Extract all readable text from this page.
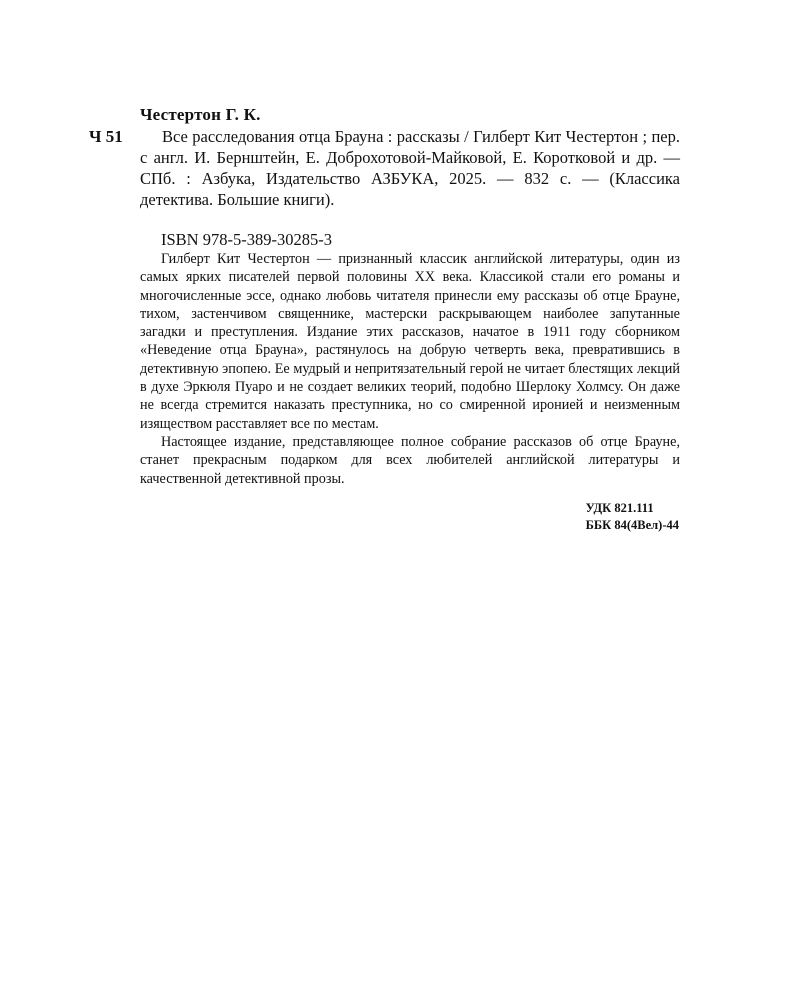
Честертон Г. К.
Ч 51	Все расследования отца Брауна : рассказы / Гилберт Кит Честертон ; пер. с англ. И. Бернштейн, Е. Доброхотовой-Майковой, Е. Коротковой и др. — СПб. : Азбука, Издательство АЗБУКА, 2025. — 832 с. — (Классика детектива. Большие книги).
ISBN 978-5-389-30285-3

Гилберт Кит Честертон — признанный классик английской литературы, один из самых ярких писателей первой половины XX века. Классикой стали его романы и многочисленные эссе, однако любовь читателя принесли ему рассказы об отце Брауне, тихом, застенчивом священнике, мастерски раскрывающем наиболее запутанные загадки и преступления. Издание этих рассказов, начатое в 1911 году сборником «Неведение отца Брауна», растянулось на добрую четверть века, превратившись в детективную эпопею. Ее мудрый и непритязательный герой не читает блестящих лекций в духе Эркюля Пуаро и не создает великих теорий, подобно Шерлоку Холмсу. Он даже не всегда стремится наказать преступника, но со смиренной иронией и неизменным изяществом расставляет все по местам.

Настоящее издание, представляющее полное собрание рассказов об отце Брауне, станет прекрасным подарком для всех любителей английской литературы и качественной детективной прозы.

УДК 821.111
ББК 84(4Вел)-44
